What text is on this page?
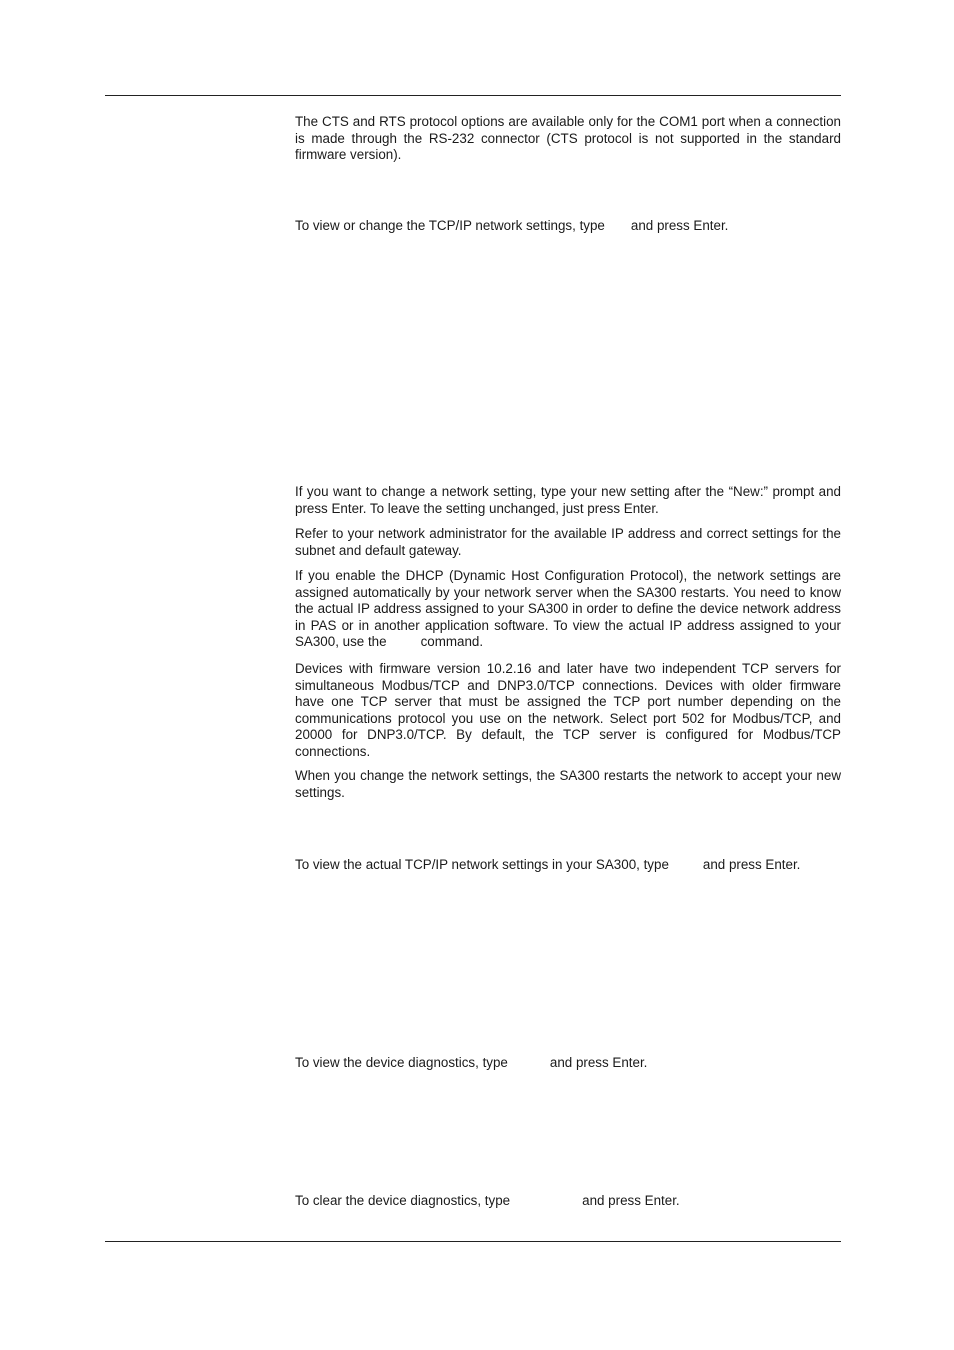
The CTS and RTS protocol options are available only for the COM1 port when a connection is made through the RS-232 connector (CTS protocol is not supported in the standard firmware version).

To view or change the TCP/IP network settings, type and press Enter.

If you want to change a network setting, type your new setting after the “New:” prompt and press Enter. To leave the setting unchanged, just press Enter.

Refer to your network administrator for the available IP address and correct settings for the subnet and default gateway.

If you enable the DHCP (Dynamic Host Configuration Protocol), the network settings are assigned automatically by your network server when the SA300 restarts. You need to know the actual IP address assigned to your SA300 in order to define the device network address in PAS or in another application software. To view the actual IP address assigned to your SA300, use the	command.

Devices with firmware version 10.2.16 and later have two independent TCP servers for simultaneous Modbus/TCP and DNP3.0/TCP connections. Devices with older firmware have one TCP server that must be assigned the TCP port number depending on the communications protocol you use on the network. Select port 502 for Modbus/TCP, and 20000 for DNP3.0/TCP. By default, the TCP server is configured for Modbus/TCP connections.

When you change the network settings, the SA300 restarts the network to accept your new settings.

To view the actual TCP/IP network settings in your SA300, type	and press Enter.

To view the device diagnostics, type	and press Enter.

To clear the device diagnostics, type	and press Enter.
